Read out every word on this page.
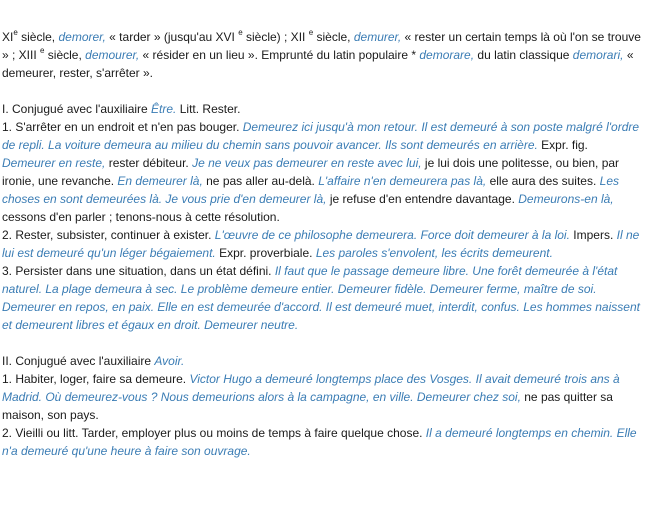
XIe siècle, demorer, « tarder » (jusqu'au XVI $^e$ siècle) ; XII $^e$ siècle, demurer, « rester un certain temps là où l'on se trouve » ; XIII $^e$ siècle, demourer, « résider en un lieu ». Emprunté du latin populaire * demorare, du latin classique demorari, « demeurer, rester, s'arrêter ».

I. Conjugué avec l'auxiliaire Être. Litt. Rester.

1. S'arrêter en un endroit et n'en pas bouger. Demeurez ici jusqu'à mon retour. Il est demeuré à son poste malgré l'ordre de repli. La voiture demeura au milieu du chemin sans pouvoir avancer. Ils sont demeurés en arrière. Expr. fig. Demeurer en reste, rester débiteur. Je ne veux pas demeurer en reste avec lui, je lui dois une politesse, ou bien, par ironie, une revanche. En demeurer là, ne pas aller au-delà. L'affaire n'en demeurera pas là, elle aura des suites. Les choses en sont demeurées là. Je vous prie d'en demeurer là, je refuse d'en entendre davantage. Demeurons-en là, cessons d'en parler ; tenons-nous à cette résolution.

2. Rester, subsister, continuer à exister. L'œuvre de ce philosophe demeurera. Force doit demeurer à la loi. Impers. Il ne lui est demeuré qu'un léger bégaiement. Expr. proverbiale. Les paroles s'envolent, les écrits demeurent.

3. Persister dans une situation, dans un état défini. Il faut que le passage demeure libre. Une forêt demeurée à l'état naturel. La plage demeura à sec. Le problème demeure entier. Demeurer fidèle. Demeurer ferme, maître de soi. Demeurer en repos, en paix. Elle en est demeurée d'accord. Il est demeuré muet, interdit, confus. Les hommes naissent et demeurent libres et égaux en droit. Demeurer neutre.

II. Conjugué avec l'auxiliaire Avoir.

1. Habiter, loger, faire sa demeure. Victor Hugo a demeuré longtemps place des Vosges. Il avait demeuré trois ans à Madrid. Où demeurez-vous ? Nous demeurions alors à la campagne, en ville. Demeurer chez soi, ne pas quitter sa maison, son pays.

2. Vieilli ou litt. Tarder, employer plus ou moins de temps à faire quelque chose. Il a demeuré longtemps en chemin. Elle n'a demeuré qu'une heure à faire son ouvrage.
